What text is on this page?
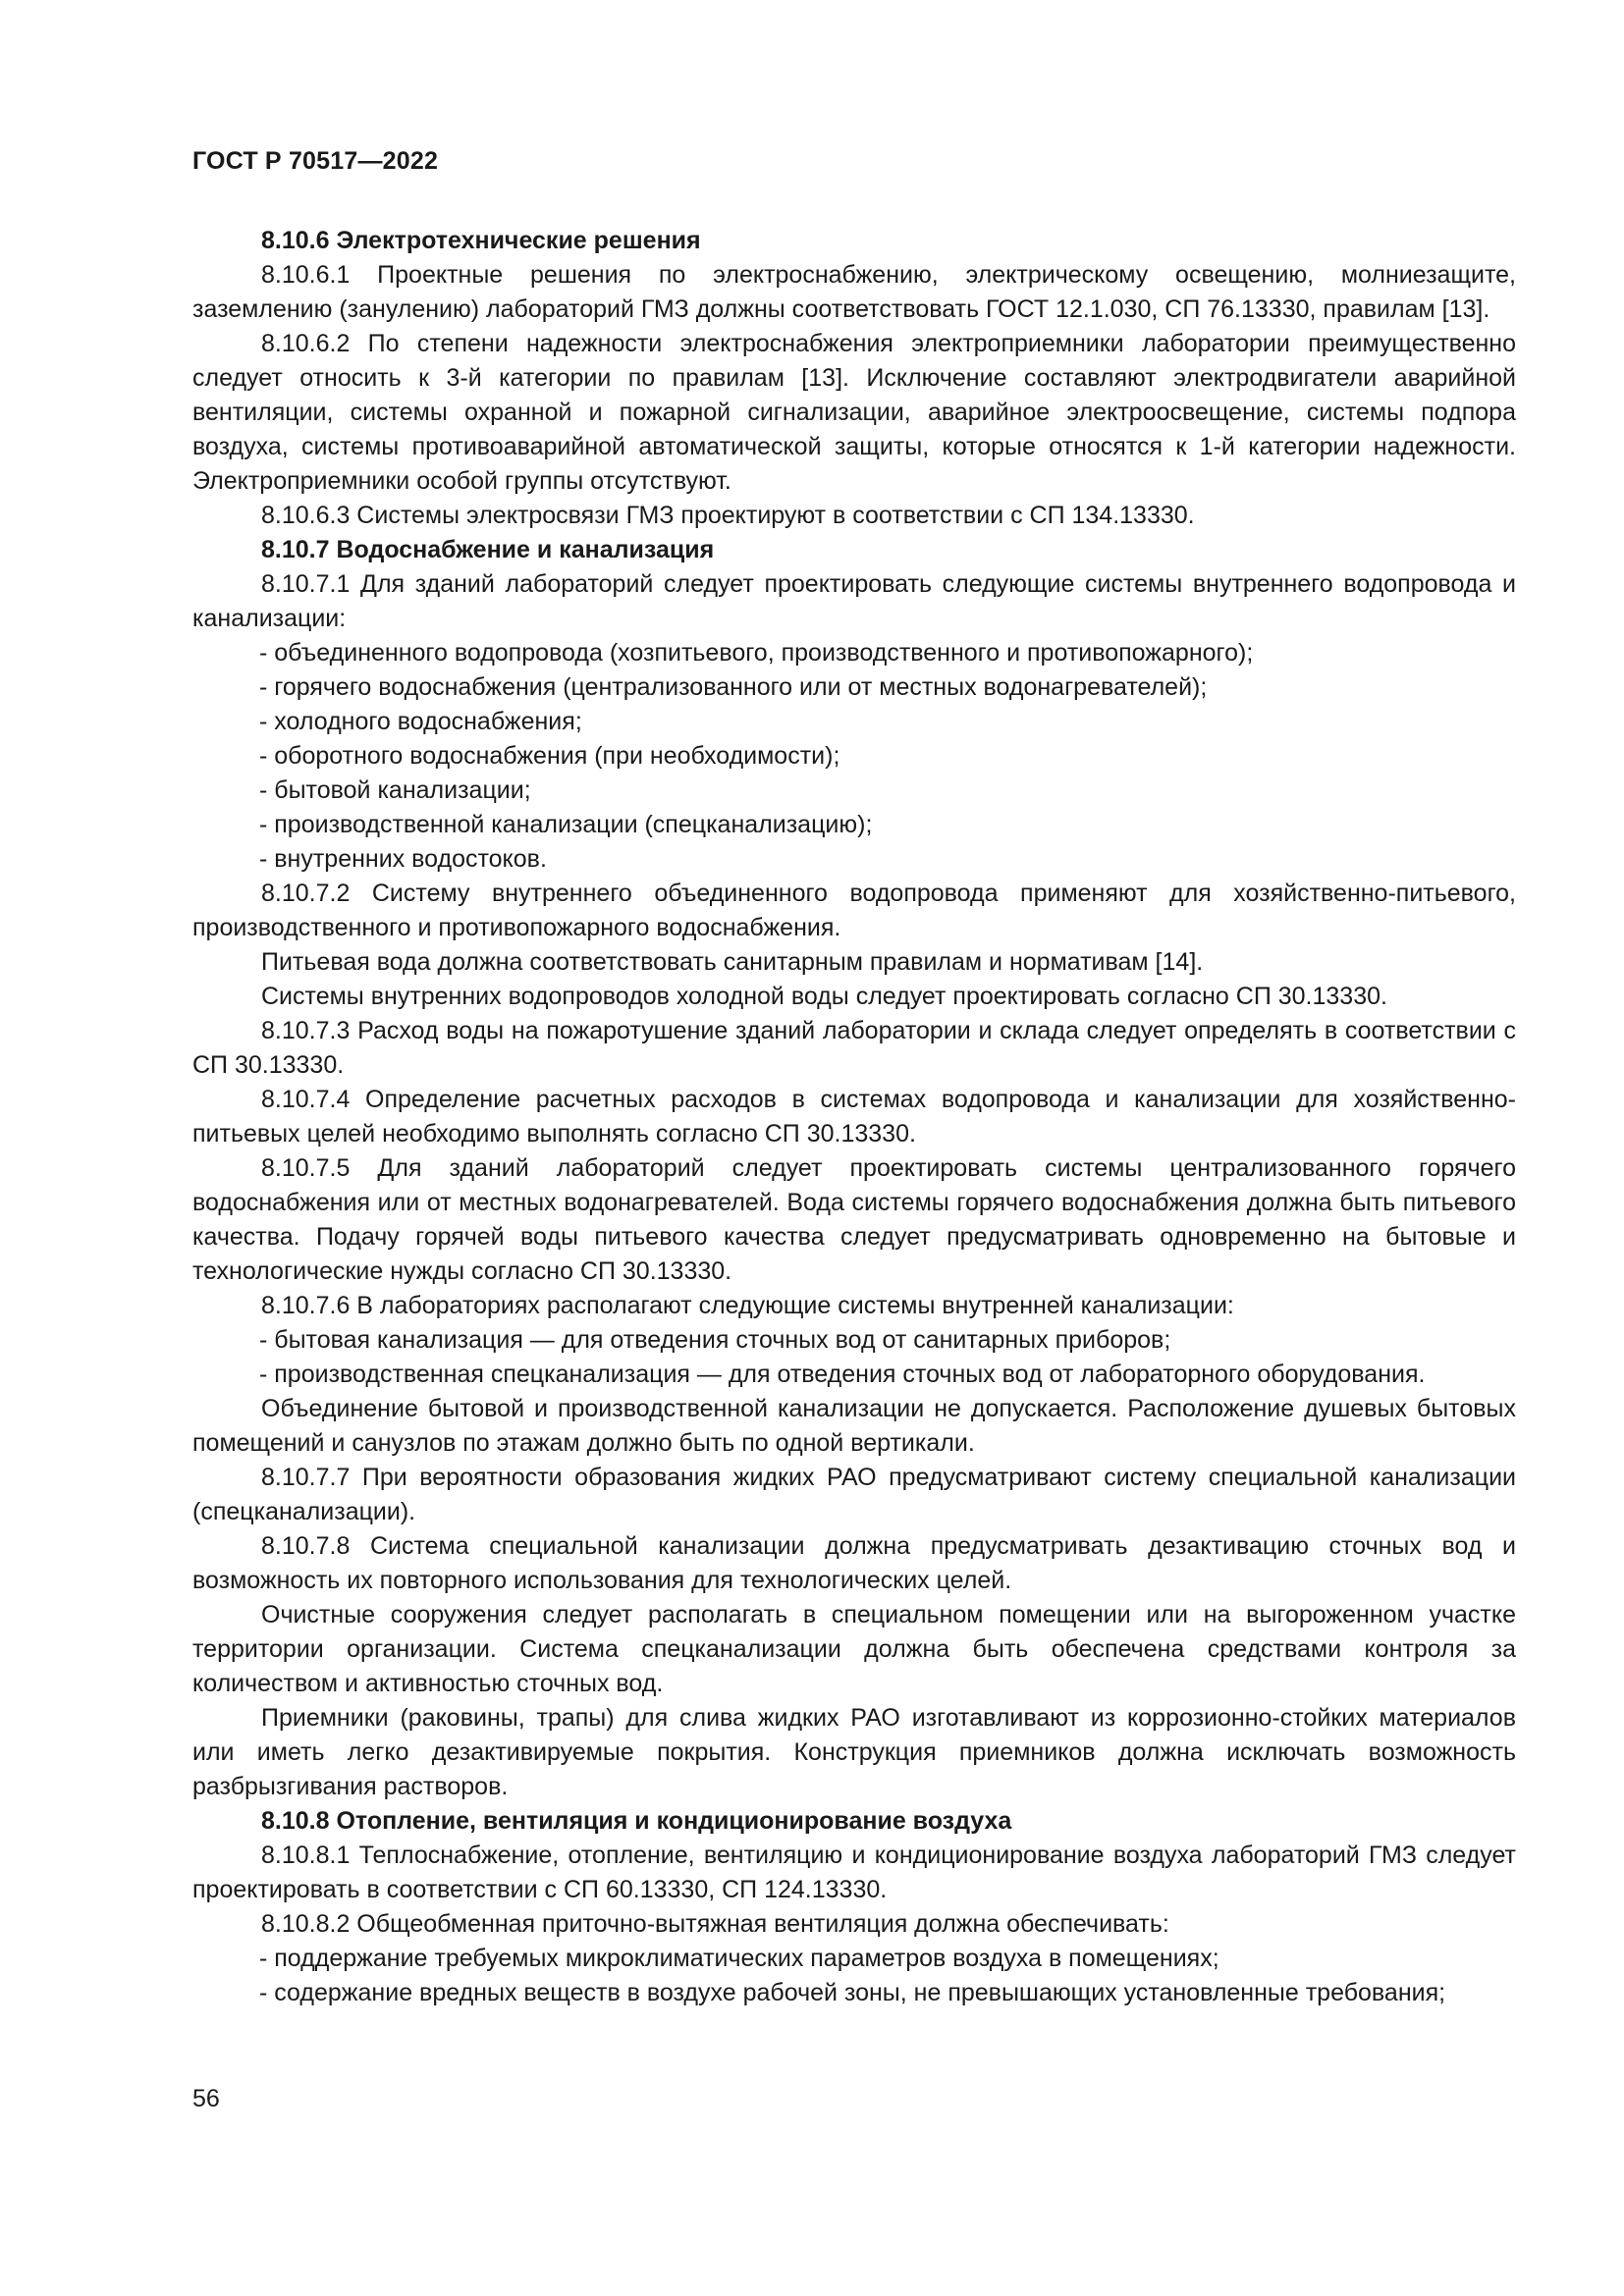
ГОСТ Р 70517—2022

8.10.6 Электротехнические решения

8.10.6.1 Проектные решения по электроснабжению, электрическому освещению, молниезащите, заземлению (занулению) лабораторий ГМЗ должны соответствовать ГОСТ 12.1.030, СП 76.13330, правилам [13].

8.10.6.2 По степени надежности электроснабжения электроприемники лаборатории преимущественно следует относить к 3-й категории по правилам [13]. Исключение составляют электродвигатели аварийной вентиляции, системы охранной и пожарной сигнализации, аварийное электроосвещение, системы подпора воздуха, системы противоаварийной автоматической защиты, которые относятся к 1-й категории надежности. Электроприемники особой группы отсутствуют.

8.10.6.3 Системы электросвязи ГМЗ проектируют в соответствии с СП 134.13330.

8.10.7 Водоснабжение и канализация

8.10.7.1 Для зданий лабораторий следует проектировать следующие системы внутреннего водопровода и канализации:

- объединенного водопровода (хозпитьевого, производственного и противопожарного);

- горячего водоснабжения (централизованного или от местных водонагревателей);

- холодного водоснабжения;

- оборотного водоснабжения (при необходимости);

- бытовой канализации;

- производственной канализации (спецканализацию);

- внутренних водостоков.

8.10.7.2 Систему внутреннего объединенного водопровода применяют для хозяйственно-питьевого, производственного и противопожарного водоснабжения.

Питьевая вода должна соответствовать санитарным правилам и нормативам [14].

Системы внутренних водопроводов холодной воды следует проектировать согласно СП 30.13330.

8.10.7.3 Расход воды на пожаротушение зданий лаборатории и склада следует определять в соответствии с СП 30.13330.

8.10.7.4 Определение расчетных расходов в системах водопровода и канализации для хозяйственно-питьевых целей необходимо выполнять согласно СП 30.13330.

8.10.7.5 Для зданий лабораторий следует проектировать системы централизованного горячего водоснабжения или от местных водонагревателей. Вода системы горячего водоснабжения должна быть питьевого качества. Подачу горячей воды питьевого качества следует предусматривать одновременно на бытовые и технологические нужды согласно СП 30.13330.

8.10.7.6 В лабораториях располагают следующие системы внутренней канализации:

- бытовая канализация — для отведения сточных вод от санитарных приборов;

- производственная спецканализация — для отведения сточных вод от лабораторного оборудования.

Объединение бытовой и производственной канализации не допускается. Расположение душевых бытовых помещений и санузлов по этажам должно быть по одной вертикали.

8.10.7.7 При вероятности образования жидких РАО предусматривают систему специальной канализации (спецканализации).

8.10.7.8 Система специальной канализации должна предусматривать дезактивацию сточных вод и возможность их повторного использования для технологических целей.

Очистные сооружения следует располагать в специальном помещении или на выгороженном участке территории организации. Система спецканализации должна быть обеспечена средствами контроля за количеством и активностью сточных вод.

Приемники (раковины, трапы) для слива жидких РАО изготавливают из коррозионно-стойких материалов или иметь легко дезактивируемые покрытия. Конструкция приемников должна исключать возможность разбрызгивания растворов.

8.10.8 Отопление, вентиляция и кондиционирование воздуха

8.10.8.1 Теплоснабжение, отопление, вентиляцию и кондиционирование воздуха лабораторий ГМЗ следует проектировать в соответствии с СП 60.13330, СП 124.13330.

8.10.8.2 Общеобменная приточно-вытяжная вентиляция должна обеспечивать:

- поддержание требуемых микроклиматических параметров воздуха в помещениях;

- содержание вредных веществ в воздухе рабочей зоны, не превышающих установленные требования;

56
